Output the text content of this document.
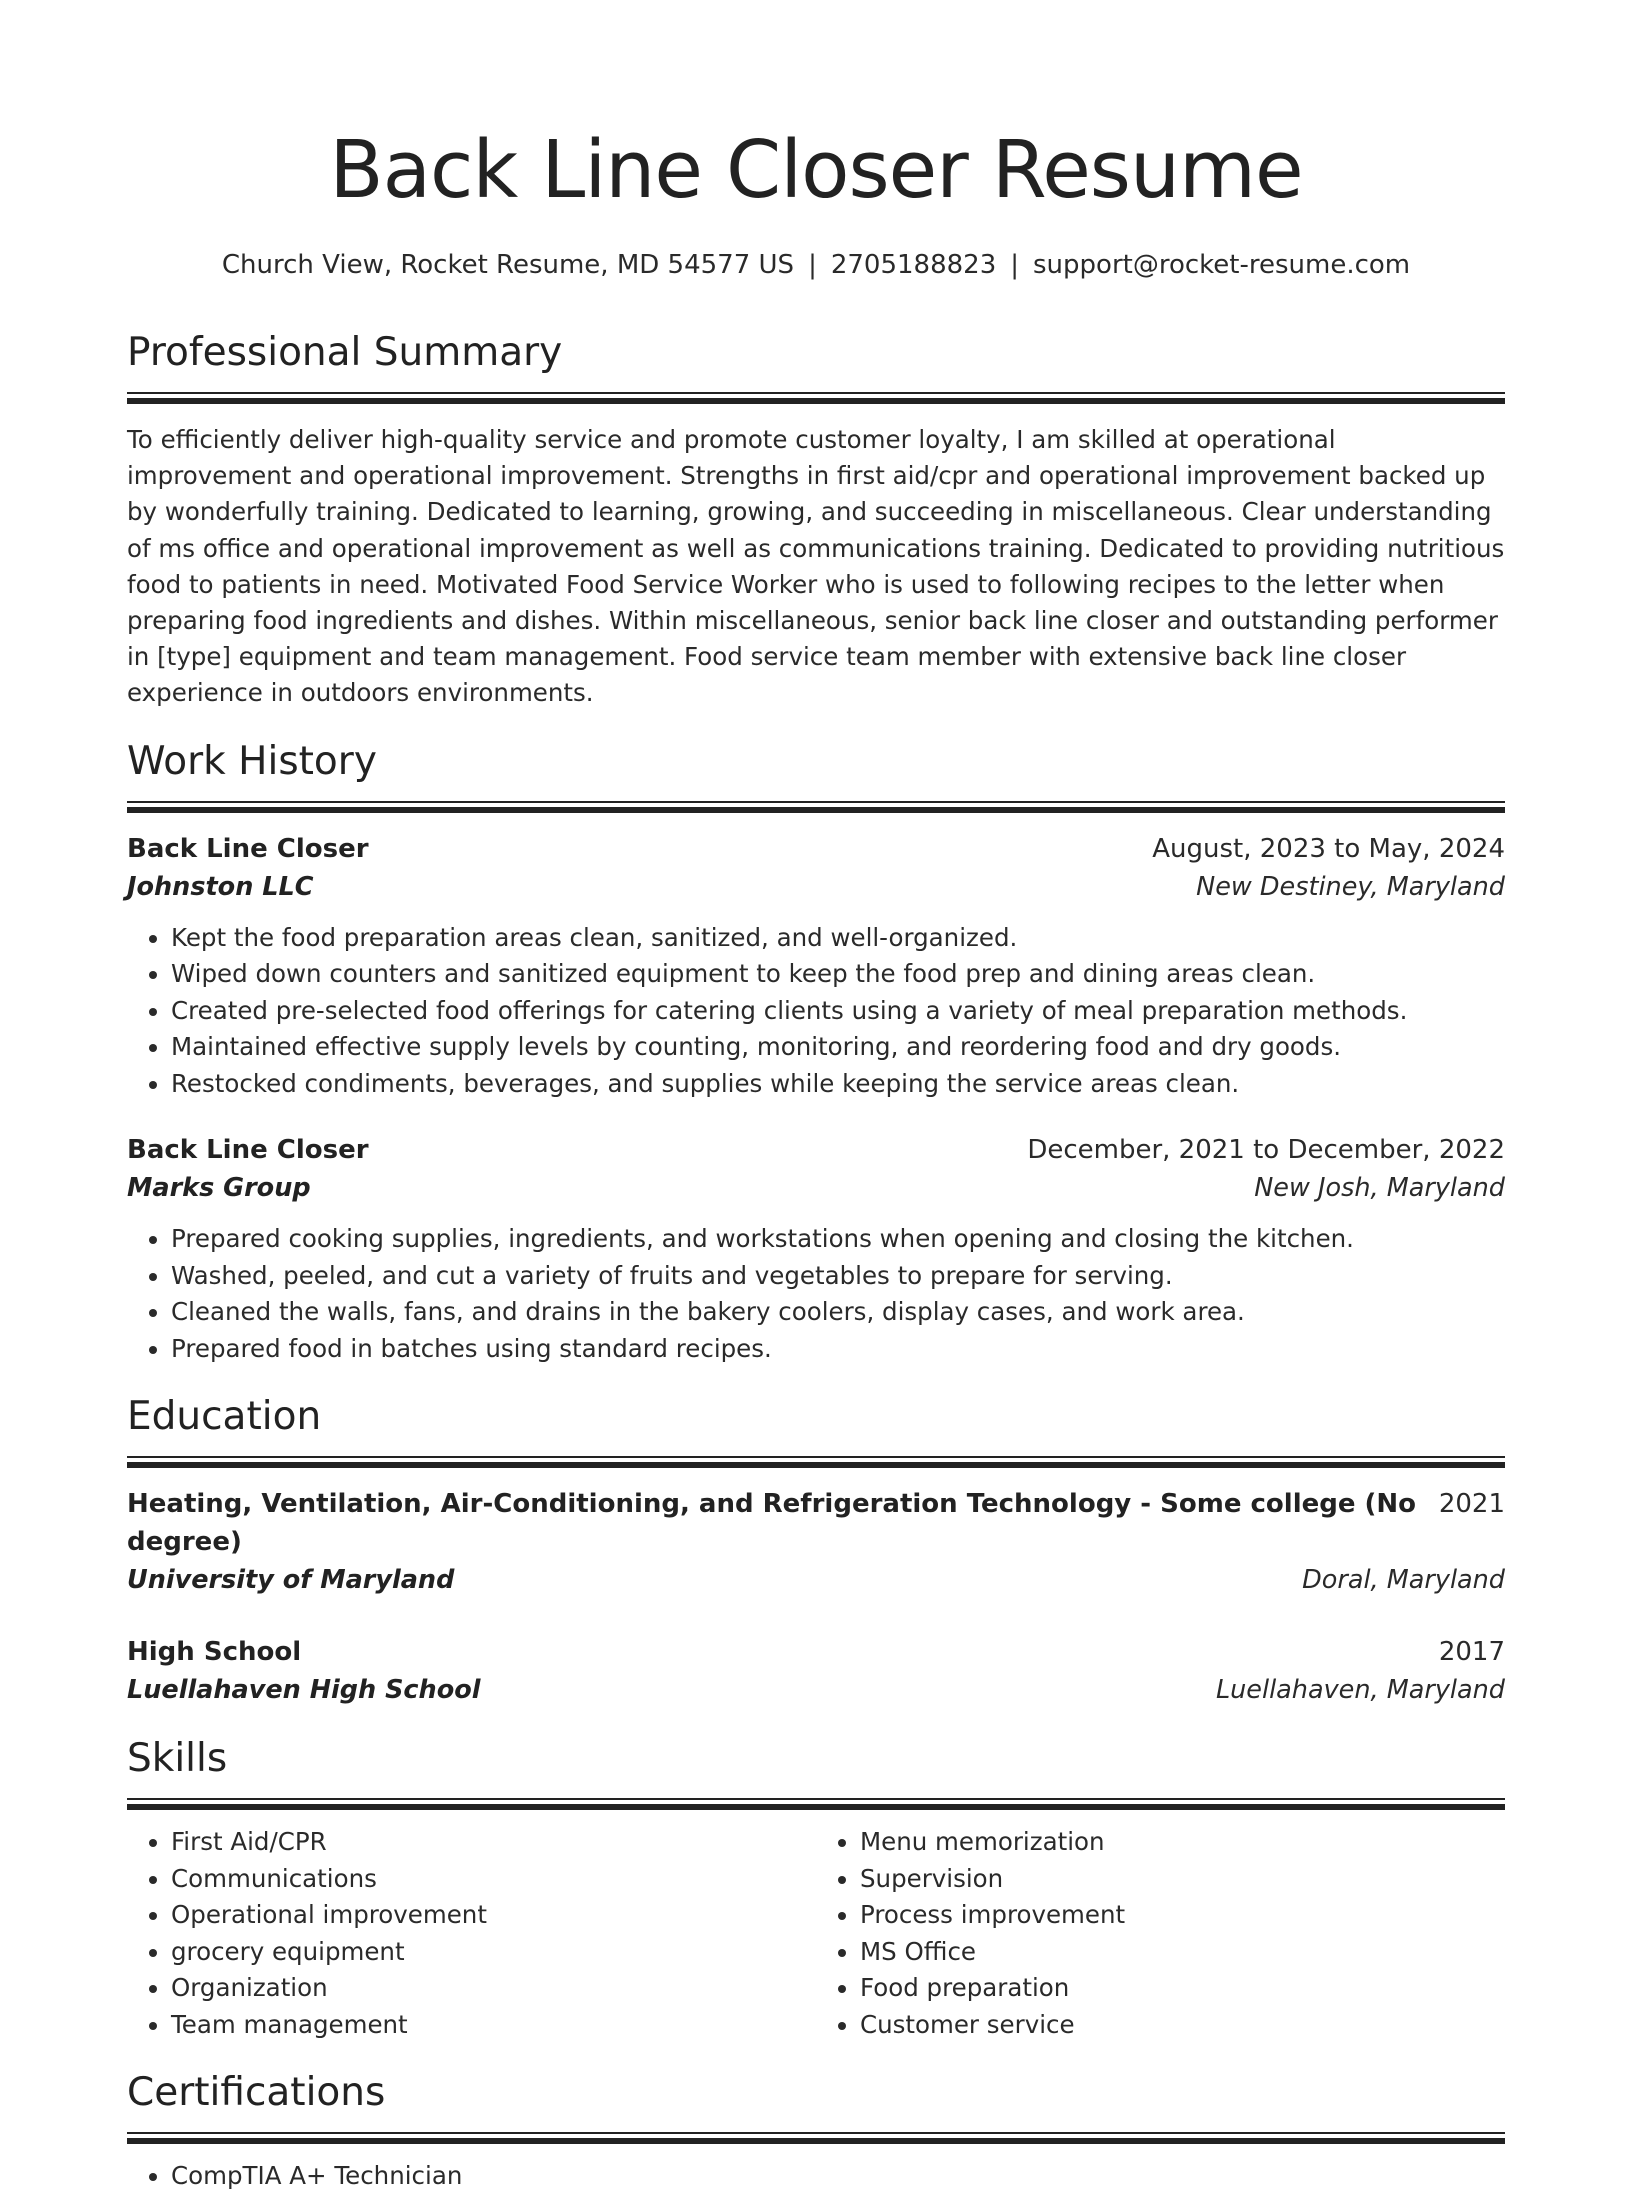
Back Line Closer Resume
Church View, Rocket Resume, MD 54577 US | 2705188823 | support@rocket-resume.com
Professional Summary
To efficiently deliver high-quality service and promote customer loyalty, I am skilled at operational improvement and operational improvement. Strengths in first aid/cpr and operational improvement backed up by wonderfully training. Dedicated to learning, growing, and succeeding in miscellaneous. Clear understanding of ms office and operational improvement as well as communications training. Dedicated to providing nutritious food to patients in need. Motivated Food Service Worker who is used to following recipes to the letter when preparing food ingredients and dishes. Within miscellaneous, senior back line closer and outstanding performer in [type] equipment and team management. Food service team member with extensive back line closer experience in outdoors environments.
Work History
Back Line Closer	August, 2023 to May, 2024
Johnston LLC	New Destiney, Maryland
• Kept the food preparation areas clean, sanitized, and well-organized.
• Wiped down counters and sanitized equipment to keep the food prep and dining areas clean.
• Created pre-selected food offerings for catering clients using a variety of meal preparation methods.
• Maintained effective supply levels by counting, monitoring, and reordering food and dry goods.
• Restocked condiments, beverages, and supplies while keeping the service areas clean.
Back Line Closer	December, 2021 to December, 2022
Marks Group	New Josh, Maryland
• Prepared cooking supplies, ingredients, and workstations when opening and closing the kitchen.
• Washed, peeled, and cut a variety of fruits and vegetables to prepare for serving.
• Cleaned the walls, fans, and drains in the bakery coolers, display cases, and work area.
• Prepared food in batches using standard recipes.
Education
Heating, Ventilation, Air-Conditioning, and Refrigeration Technology - Some college (No degree)
2021
University of Maryland	Doral, Maryland
High School	2017
Luellahaven High School	Luellahaven, Maryland
Skills
• First Aid/CPR
• Communications
• Operational improvement
• grocery equipment
• Organization
• Team management
• Menu memorization
• Supervision
• Process improvement
• MS Office
• Food preparation
• Customer service
Certifications
• CompTIA A+ Technician
